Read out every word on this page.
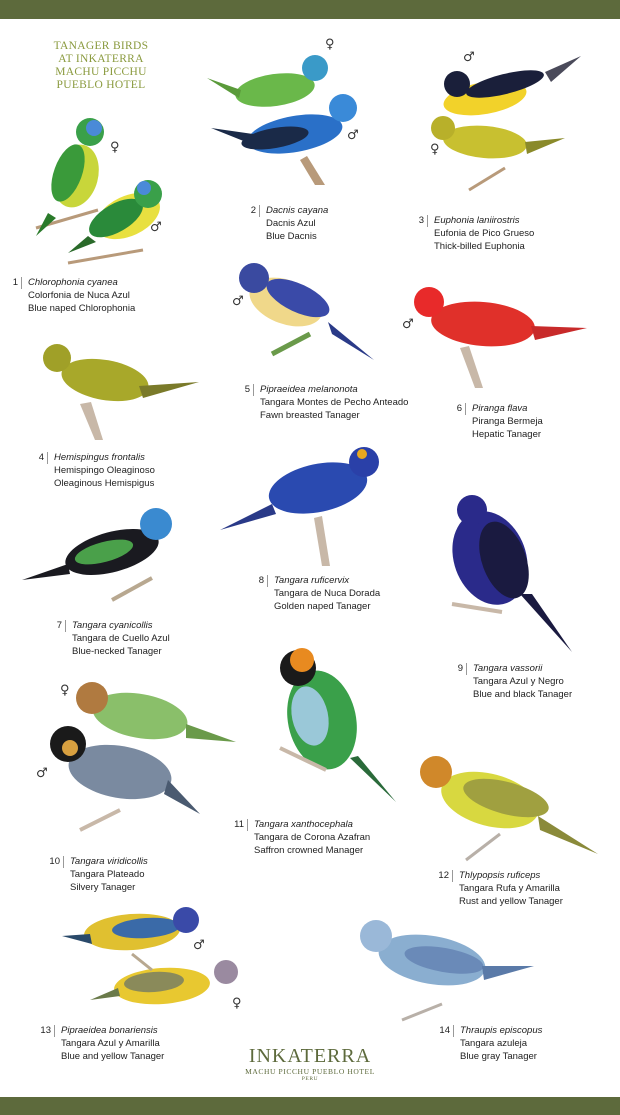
TANAGER BIRDS
AT INKATERRA
MACHU PICCHU
PUEBLO HOTEL
♀
♂
♀
♂
♂
♀
♂
♂
♀
♂
♂
♀
1 Chlorophonia cyanea
Colorfonia de Nuca Azul
Blue naped Chlorophonia
2 Dacnis cayana
Dacnis Azul
Blue Dacnis
3 Euphonia laniirostris
Eufonia de Pico Grueso
Thick-billed Euphonia
4 Hemispingus frontalis
Hemispingo Oleaginoso
Oleaginous Hemispigus
5 Pipraeidea melanonota
Tangara Montes de Pecho Anteado
Fawn breasted Tanager
6 Piranga flava
Piranga Bermeja
Hepatic Tanager
7 Tangara cyanicollis
Tangara de Cuello Azul
Blue-necked Tanager
8 Tangara ruficervix
Tangara de Nuca Dorada
Golden naped Tanager
9 Tangara vassorii
Tangara Azul y Negro
Blue and black Tanager
10 Tangara viridicollis
Tangara Plateado
Silvery Tanager
11 Tangara xanthocephala
Tangara de Corona Azafran
Saffron crowned Manager
12 Thlypopsis ruficeps
Tangara Rufa y Amarilla
Rust and yellow Tanager
13 Pipraeidea bonariensis
Tangara Azul y Amarilla
Blue and yellow Tanager
14 Thraupis episcopus
Tangara azuleja
Blue gray Tanager
INKATERRA
MACHU PICCHU PUEBLO HOTEL
PERU
